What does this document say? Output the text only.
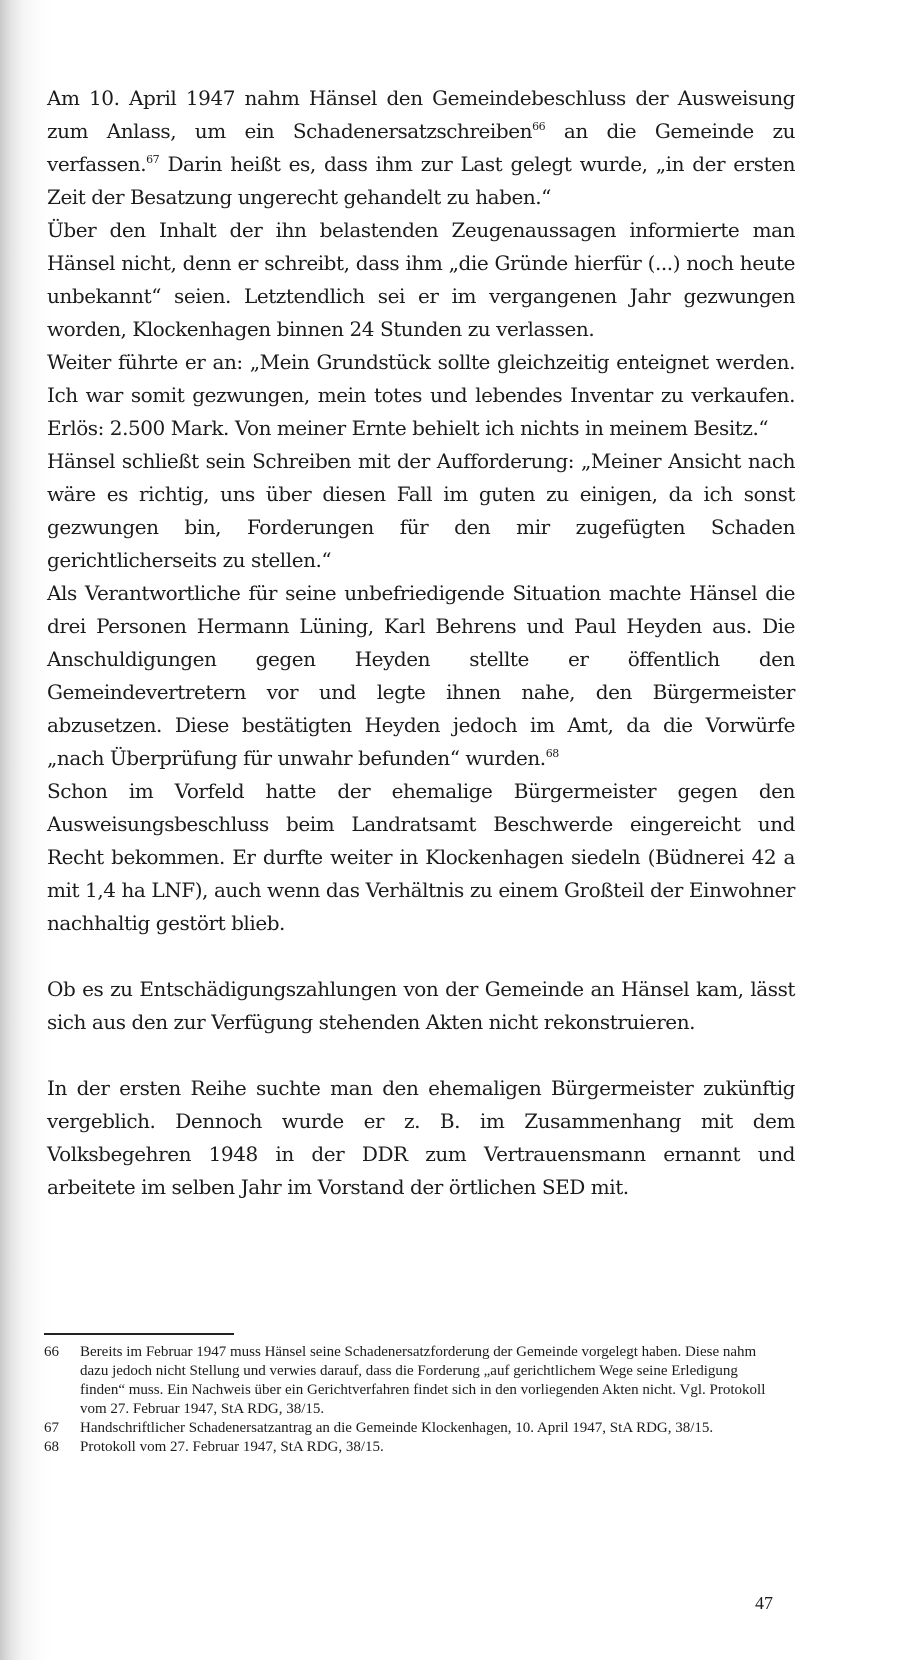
Am 10. April 1947 nahm Hänsel den Gemeindebeschluss der Ausweisung zum Anlass, um ein Schadenersatzschreiben$^{66}$ an die Gemeinde zu verfassen.$^{67}$ Darin heißt es, dass ihm zur Last gelegt wurde, „in der ersten Zeit der Besatzung ungerecht gehandelt zu haben.“

Über den Inhalt der ihn belastenden Zeugenaussagen informierte man Hänsel nicht, denn er schreibt, dass ihm „die Gründe hierfür (...) noch heute unbekannt“ seien. Letztendlich sei er im vergangenen Jahr gezwungen worden, Klockenhagen binnen 24 Stunden zu verlassen.

Weiter führte er an: „Mein Grundstück sollte gleichzeitig enteignet werden. Ich war somit gezwungen, mein totes und lebendes Inventar zu verkaufen. Erlös: 2.500 Mark. Von meiner Ernte behielt ich nichts in meinem Besitz.“

Hänsel schließt sein Schreiben mit der Aufforderung: „Meiner Ansicht nach wäre es richtig, uns über diesen Fall im guten zu einigen, da ich sonst gezwungen bin, Forderungen für den mir zugefügten Schaden gerichtlicherseits zu stellen.“

Als Verantwortliche für seine unbefriedigende Situation machte Hänsel die drei Personen Hermann Lüning, Karl Behrens und Paul Heyden aus. Die Anschuldigungen gegen Heyden stellte er öffentlich den Gemeindevertretern vor und legte ihnen nahe, den Bürgermeister abzusetzen. Diese bestätigten Heyden jedoch im Amt, da die Vorwürfe „nach Überprüfung für unwahr befunden“ wurden.$^{68}$

Schon im Vorfeld hatte der ehemalige Bürgermeister gegen den Ausweisungsbeschluss beim Landratsamt Beschwerde eingereicht und Recht bekommen. Er durfte weiter in Klockenhagen siedeln (Büdnerei 42 a mit 1,4 ha LNF), auch wenn das Verhältnis zu einem Großteil der Einwohner nachhaltig gestört blieb.

Ob es zu Entschädigungszahlungen von der Gemeinde an Hänsel kam, lässt sich aus den zur Verfügung stehenden Akten nicht rekonstruieren.

In der ersten Reihe suchte man den ehemaligen Bürgermeister zukünftig vergeblich. Dennoch wurde er z. B. im Zusammenhang mit dem Volksbegehren 1948 in der DDR zum Vertrauensmann ernannt und arbeitete im selben Jahr im Vorstand der örtlichen SED mit.

66 Bereits im Februar 1947 muss Hänsel seine Schadenersatzforderung der Gemeinde vorgelegt haben. Diese nahm dazu jedoch nicht Stellung und verwies darauf, dass die Forderung „auf gerichtlichem Wege seine Erledigung finden“ muss. Ein Nachweis über ein Gerichtverfahren findet sich in den vorliegenden Akten nicht. Vgl. Protokoll vom 27. Februar 1947, StA RDG, 38/15.
67 Handschriftlicher Schadenersatzantrag an die Gemeinde Klockenhagen, 10. April 1947, StA RDG, 38/15.
68 Protokoll vom 27. Februar 1947, StA RDG, 38/15.
47
